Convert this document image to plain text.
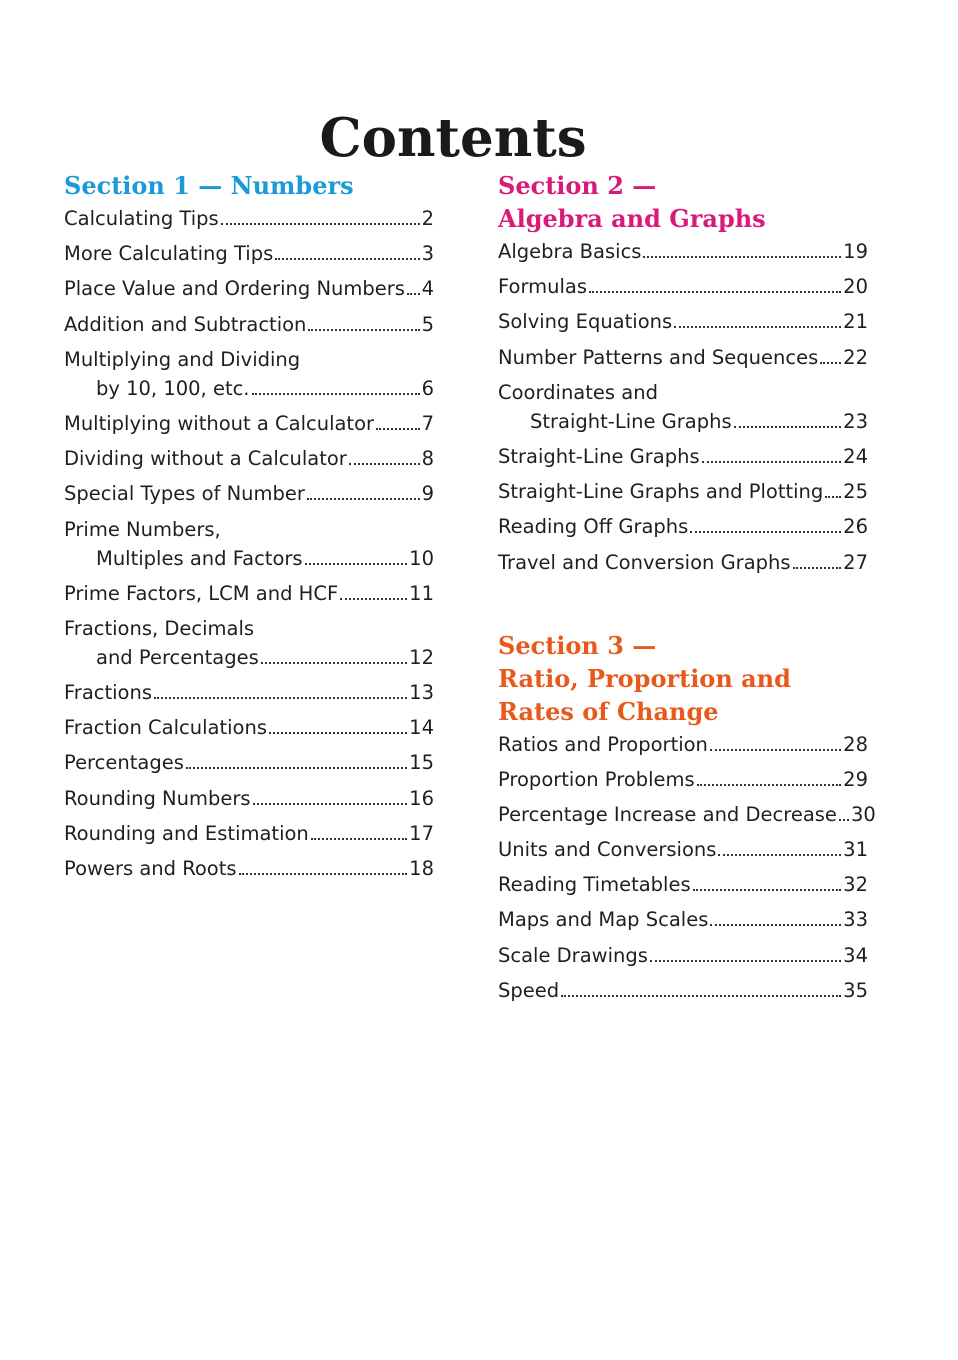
Contents
Section 1 — Numbers
Calculating Tips	2
More Calculating Tips	3
Place Value and Ordering Numbers 4
Addition and Subtraction	5
Multiplying and Dividing
by 10, 100, etc.	6
Multiplying without a Calculator 7
Dividing without a Calculator	8
Special Types of Number	9
Prime Numbers,
Multiples and Factors	10
Prime Factors, LCM and HCF	11
Fractions, Decimals
and Percentages	12
Fractions	13
Fraction Calculations	14
Percentages	15
Rounding Numbers	16
Rounding and Estimation	17
Powers and Roots	18
Section 2 —
Algebra and Graphs
Algebra Basics	19
Formulas	20
Solving Equations	21
Number Patterns and Sequences 22
Coordinates and
Straight-Line Graphs	23
Straight-Line Graphs	24
Straight-Line Graphs and Plotting 25
Reading Off Graphs	26
Travel and Conversion Graphs	27
Section 3 —
Ratio, Proportion and
Rates of Change
Ratios and Proportion	28
Proportion Problems	29
Percentage Increase and Decrease 30
Units and Conversions	31
Reading Timetables	32
Maps and Map Scales	33
Scale Drawings	34
Speed	35
